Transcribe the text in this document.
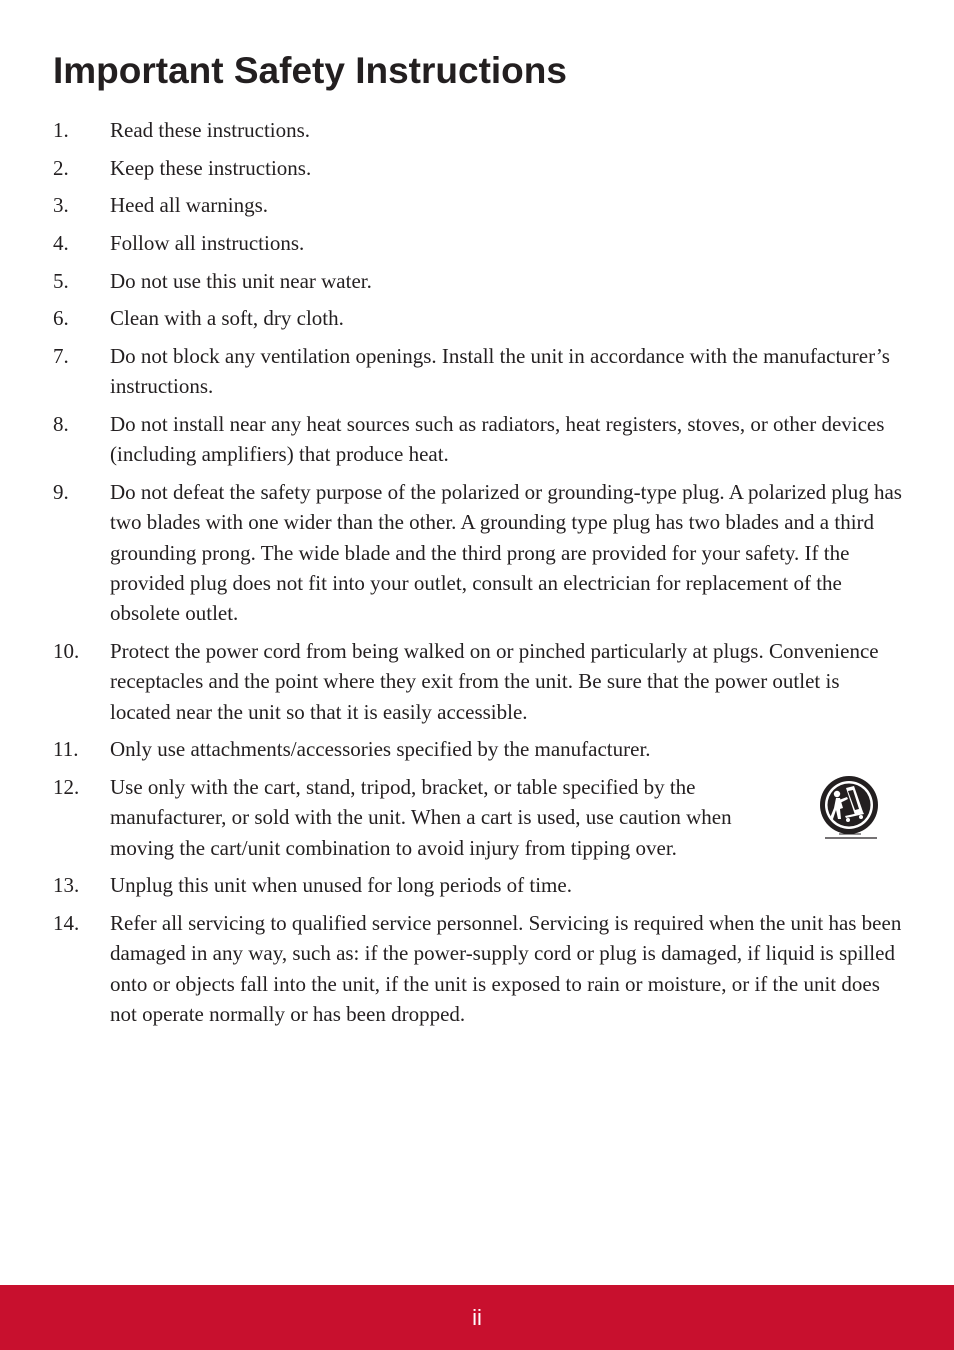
Important Safety Instructions
1.	Read these instructions.
2.	Keep these instructions.
3.	Heed all warnings.
4.	Follow all instructions.
5.	Do not use this unit near water.
6.	Clean with a soft, dry cloth.
7.	Do not block any ventilation openings. Install the unit in accordance with the manufacturer’s instructions.
8.	Do not install near any heat sources such as radiators, heat registers, stoves, or other devices (including amplifiers) that produce heat.
9.	Do not defeat the safety purpose of the polarized or grounding-type plug. A polarized plug has two blades with one wider than the other. A grounding type plug has two blades and a third grounding prong. The wide blade and the third prong are provided for your safety. If the provided plug does not fit into your outlet, consult an electrician for replacement of the obsolete outlet.
10.	Protect the power cord from being walked on or pinched particularly at plugs. Convenience receptacles and the point where they exit from the unit. Be sure that the power outlet is located near the unit so that it is easily accessible.
11.	Only use attachments/accessories specified by the manufacturer.
12.	Use only with the cart, stand, tripod, bracket, or table specified by the manufacturer, or sold with the unit. When a cart is used, use caution when moving the cart/unit combination to avoid injury from tipping over.
13.	Unplug this unit when unused for long periods of time.
14.	Refer all servicing to qualified service personnel. Servicing is required when the unit has been damaged in any way, such as: if the power-supply cord or plug is damaged, if liquid is spilled onto or objects fall into the unit, if the unit is exposed to rain or moisture, or if the unit does not operate normally or has been dropped.
ii
